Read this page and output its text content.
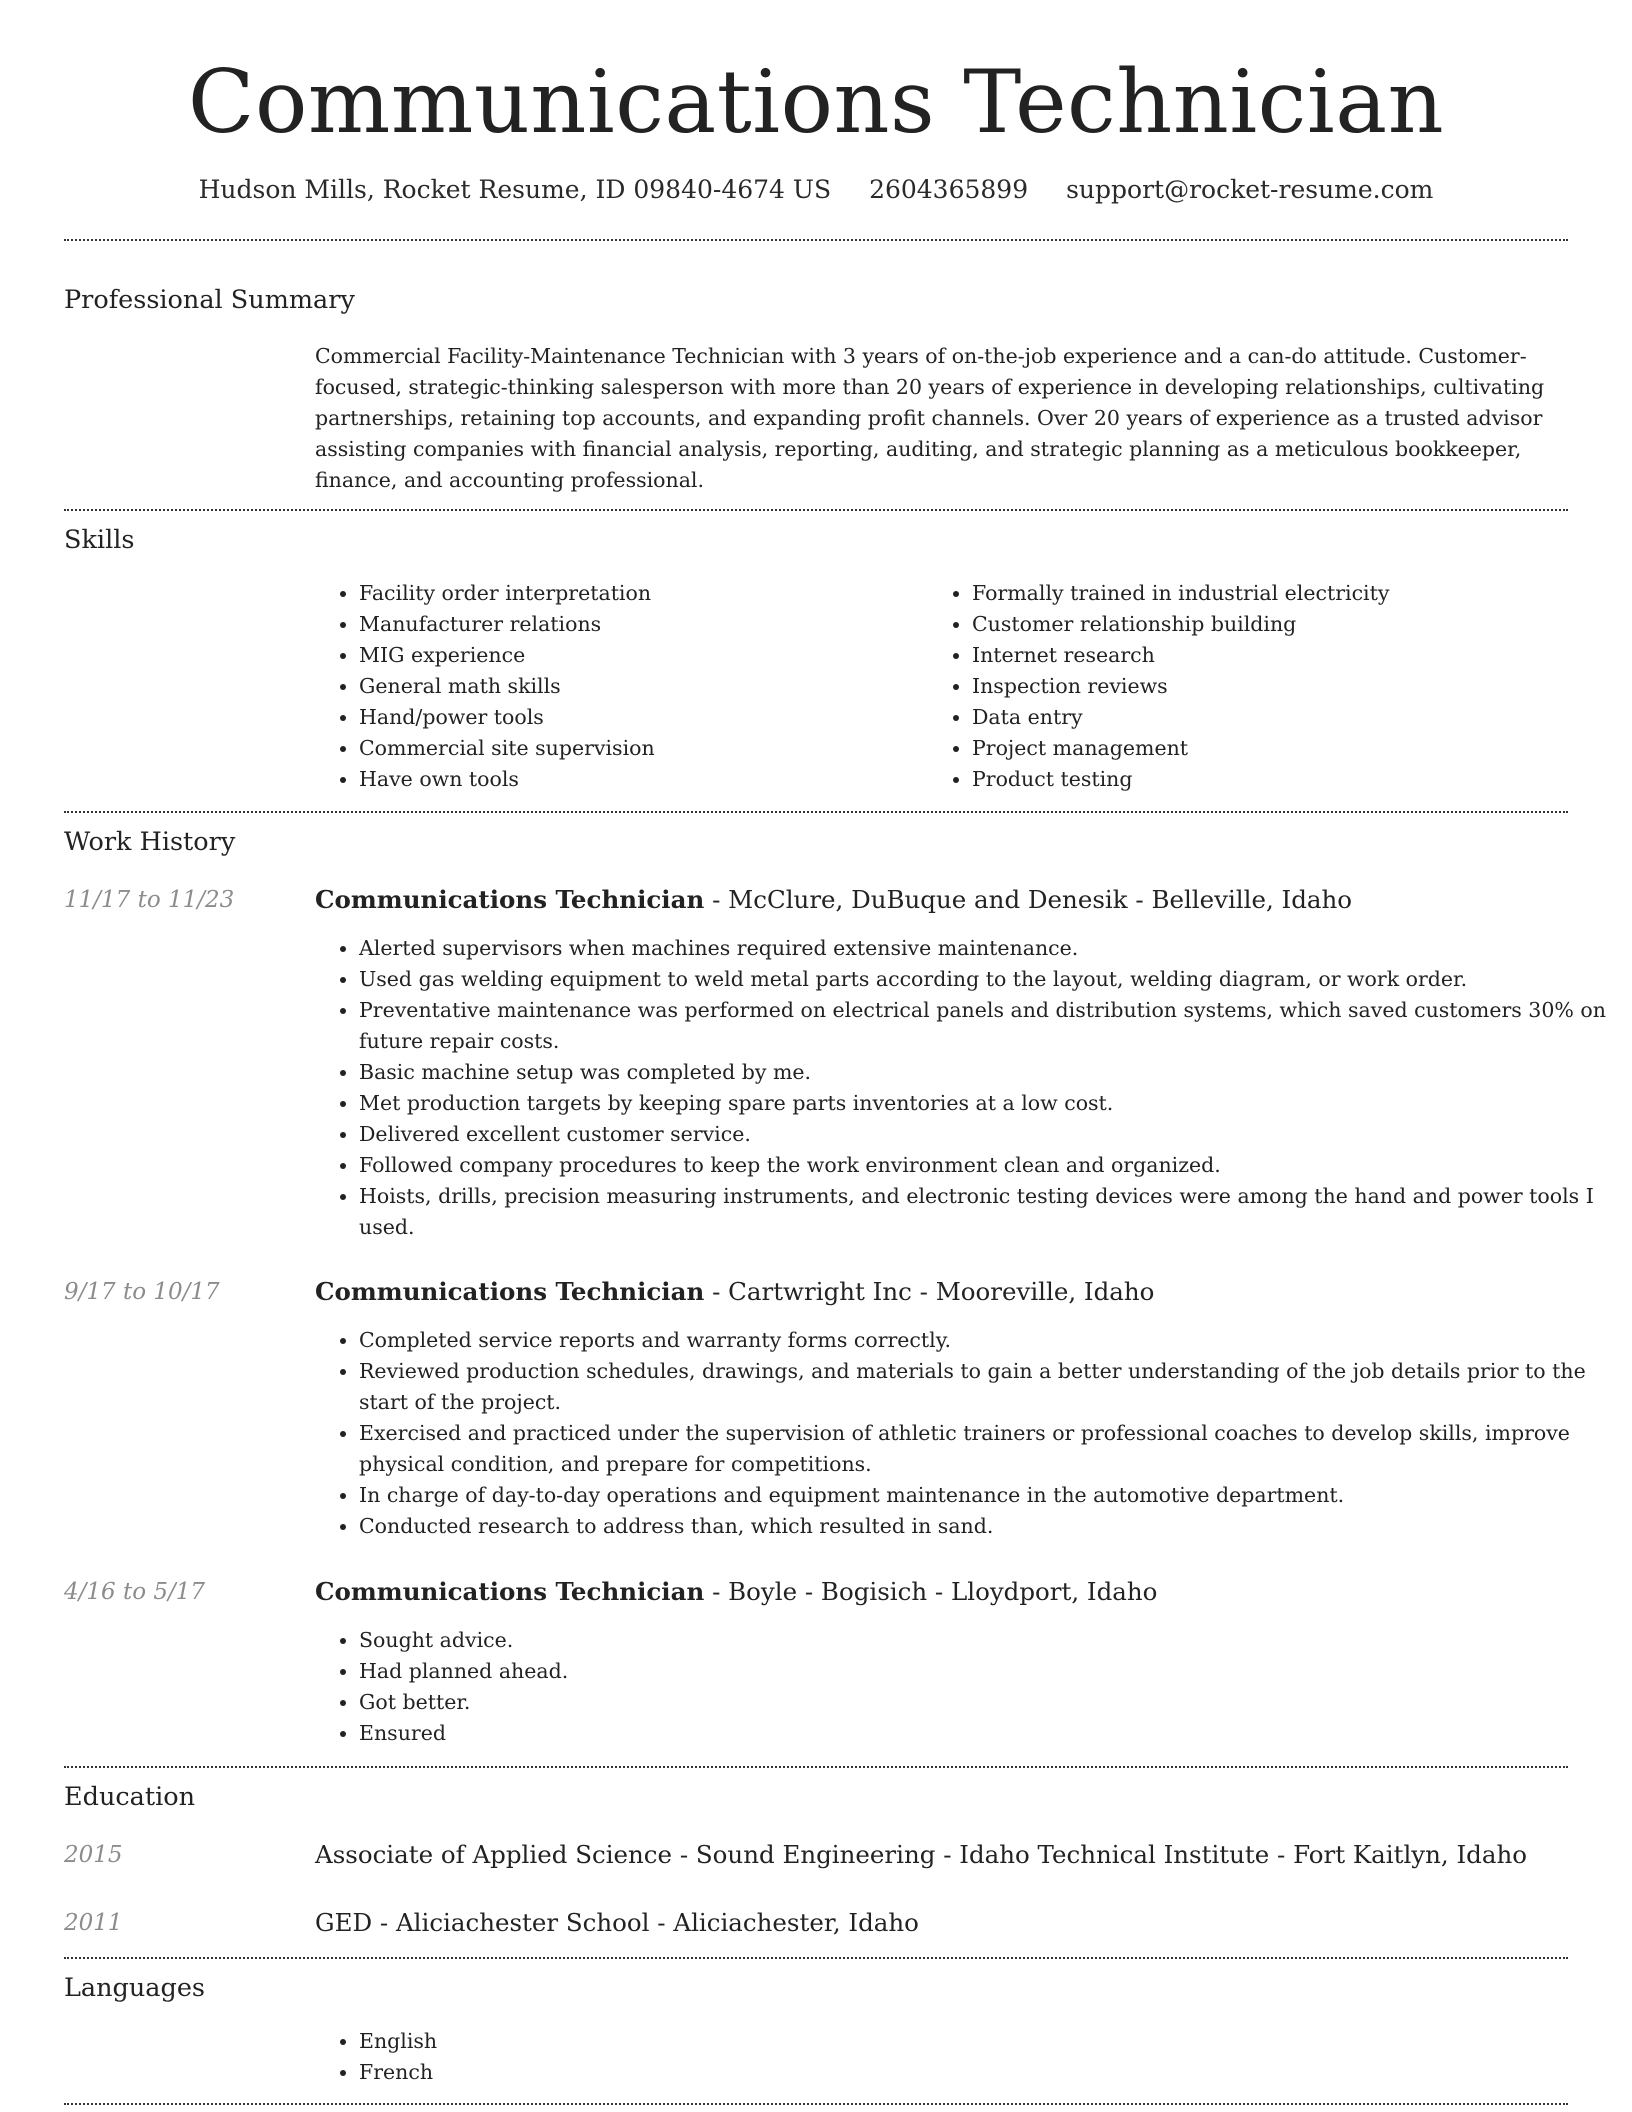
Communications Technician
Hudson Mills, Rocket Resume, ID 09840-4674 US 2604365899 support@rocket-resume.com
Professional Summary

Commercial Facility-Maintenance Technician with 3 years of on-the-job experience and a can-do attitude. Customer-focused, strategic-thinking salesperson with more than 20 years of experience in developing relationships, cultivating partnerships, retaining top accounts, and expanding profit channels. Over 20 years of experience as a trusted advisor assisting companies with financial analysis, reporting, auditing, and strategic planning as a meticulous bookkeeper, finance, and accounting professional.

Skills
• Facility order interpretation
• Manufacturer relations
• MIG experience
• General math skills
• Hand/power tools
• Commercial site supervision
• Have own tools
• Formally trained in industrial electricity
• Customer relationship building
• Internet research
• Inspection reviews
• Data entry
• Project management
• Product testing
Work History
11/17 to 11/23	Communications Technician - McClure, DuBuque and Denesik - Belleville, Idaho
• Alerted supervisors when machines required extensive maintenance.
• Used gas welding equipment to weld metal parts according to the layout, welding diagram, or work order.
• Preventative maintenance was performed on electrical panels and distribution systems, which saved customers 30% on future repair costs.
• Basic machine setup was completed by me.
• Met production targets by keeping spare parts inventories at a low cost.
• Delivered excellent customer service.
• Followed company procedures to keep the work environment clean and organized.
• Hoists, drills, precision measuring instruments, and electronic testing devices were among the hand and power tools I used.
9/17 to 10/17	Communications Technician - Cartwright Inc - Mooreville, Idaho
• Completed service reports and warranty forms correctly.
• Reviewed production schedules, drawings, and materials to gain a better understanding of the job details prior to the start of the project.
• Exercised and practiced under the supervision of athletic trainers or professional coaches to develop skills, improve physical condition, and prepare for competitions.
• In charge of day-to-day operations and equipment maintenance in the automotive department.
• Conducted research to address than, which resulted in sand.
4/16 to 5/17	Communications Technician - Boyle - Bogisich - Lloydport, Idaho
• Sought advice.
• Had planned ahead.
• Got better.
• Ensured
Education
2015	Associate of Applied Science - Sound Engineering - Idaho Technical Institute - Fort Kaitlyn, Idaho
2011	GED - Aliciachester School - Aliciachester, Idaho
Languages
• English
• French
